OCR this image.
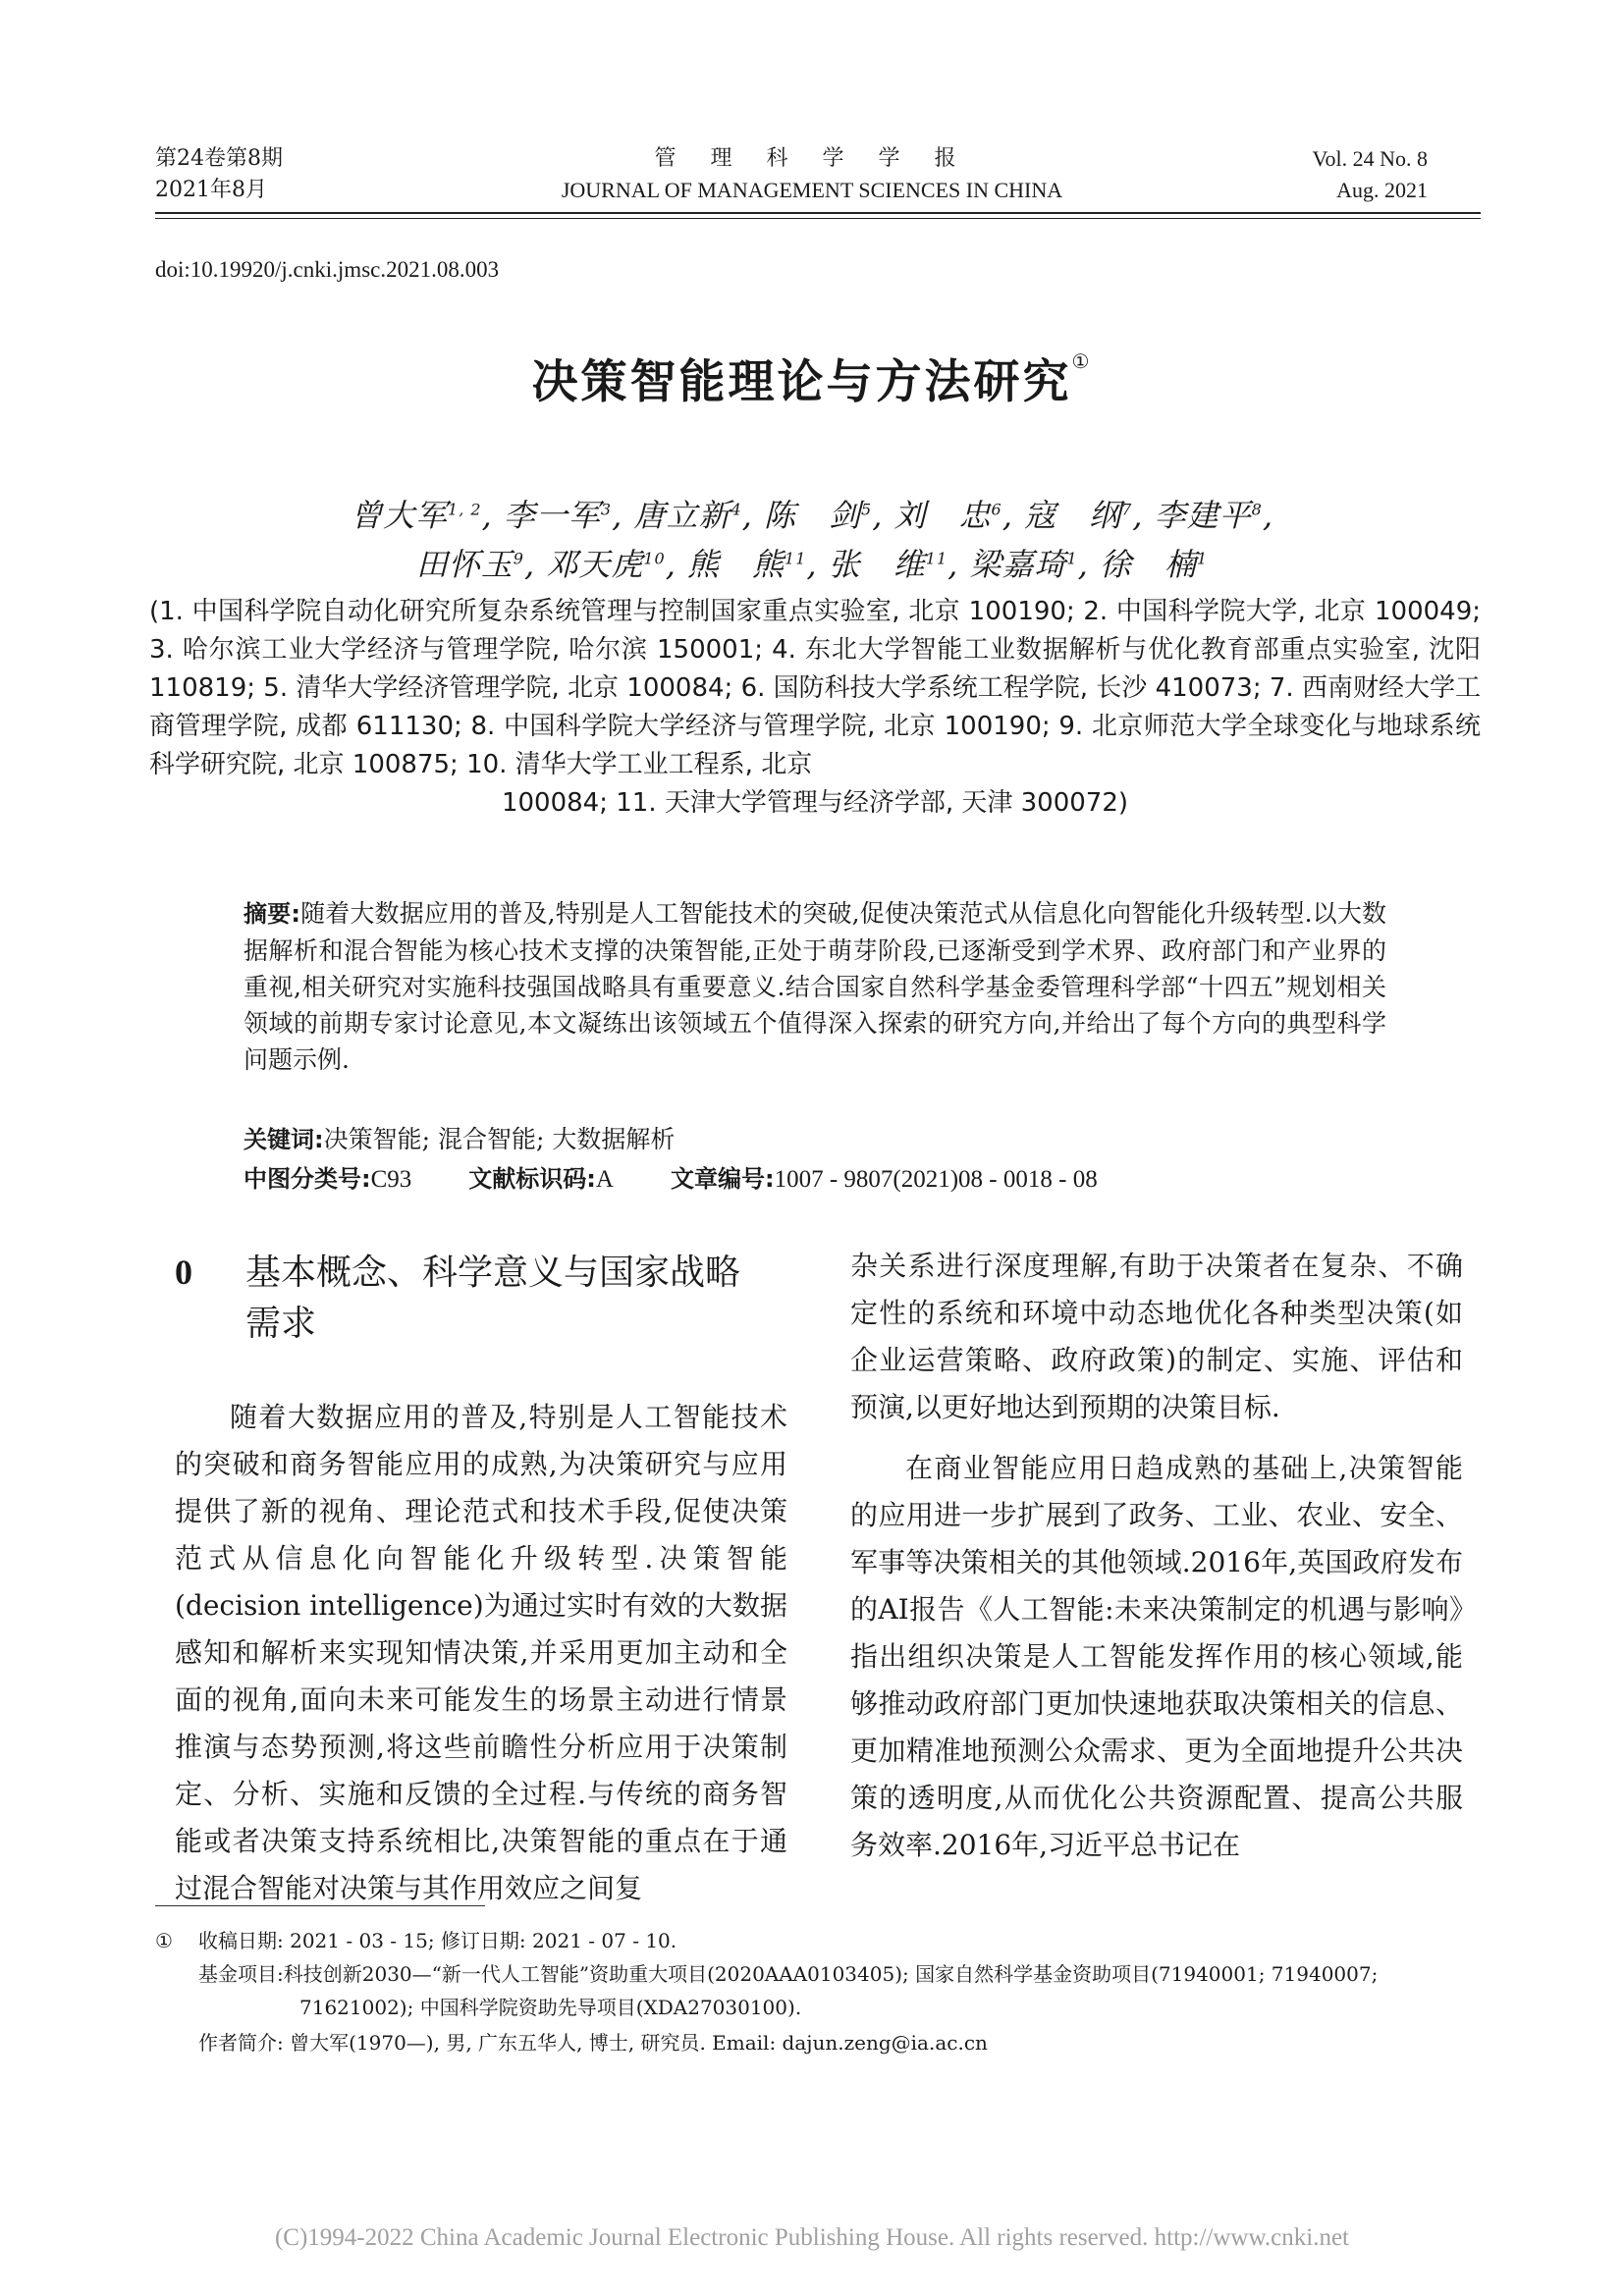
第24卷第8期
2021年8月
管 理 科 学 学 报
JOURNAL OF MANAGEMENT SCIENCES IN CHINA
Vol. 24 No. 8
Aug. 2021
doi:10.19920/j.cnki.jmsc.2021.08.003
决策智能理论与方法研究①
曾大军$^{1, 2}$, 李一军$^3$, 唐立新$^4$, 陈　剑$^5$, 刘　忠$^6$, 寇　纲$^7$, 李建平$^8$,
田怀玉$^9$, 邓天虎$^{10}$, 熊　熊$^{11}$, 张　维$^{11}$, 梁嘉琦$^1$, 徐　楠$^1$
(1. 中国科学院自动化研究所复杂系统管理与控制国家重点实验室, 北京 100190; 2. 中国科学院大学, 北京 100049; 3. 哈尔滨工业大学经济与管理学院, 哈尔滨 150001; 4. 东北大学智能工业数据解析与优化教育部重点实验室, 沈阳 110819; 5. 清华大学经济管理学院, 北京 100084; 6. 国防科技大学系统工程学院, 长沙 410073; 7. 西南财经大学工商管理学院, 成都 611130; 8. 中国科学院大学经济与管理学院, 北京 100190; 9. 北京师范大学全球变化与地球系统科学研究院, 北京 100875; 10. 清华大学工业工程系, 北京
100084; 11. 天津大学管理与经济学部, 天津 300072)
摘要:随着大数据应用的普及,特别是人工智能技术的突破,促使决策范式从信息化向智能化升级转型.以大数据解析和混合智能为核心技术支撑的决策智能,正处于萌芽阶段,已逐渐受到学术界、政府部门和产业界的重视,相关研究对实施科技强国战略具有重要意义.结合国家自然科学基金委管理科学部“十四五”规划相关领域的前期专家讨论意见,本文凝练出该领域五个值得深入探索的研究方向,并给出了每个方向的典型科学问题示例.
关键词:决策智能; 混合智能; 大数据解析
中图分类号:C93 文献标识码:A 文章编号:1007 - 9807(2021)08 - 0018 - 08
0 基本概念、科学意义与国家战略
需求

随着大数据应用的普及,特别是人工智能技术的突破和商务智能应用的成熟,为决策研究与应用提供了新的视角、理论范式和技术手段,促使决策范式从信息化向智能化升级转型.决策智能(decision intelligence)为通过实时有效的大数据感知和解析来实现知情决策,并采用更加主动和全面的视角,面向未来可能发生的场景主动进行情景推演与态势预测,将这些前瞻性分析应用于决策制定、分析、实施和反馈的全过程.与传统的商务智能或者决策支持系统相比,决策智能的重点在于通过混合智能对决策与其作用效应之间复

杂关系进行深度理解,有助于决策者在复杂、不确定性的系统和环境中动态地优化各种类型决策(如企业运营策略、政府政策)的制定、实施、评估和预演,以更好地达到预期的决策目标.

在商业智能应用日趋成熟的基础上,决策智能的应用进一步扩展到了政务、工业、农业、安全、军事等决策相关的其他领域.2016年,英国政府发布的AI报告《人工智能:未来决策制定的机遇与影响》指出组织决策是人工智能发挥作用的核心领域,能够推动政府部门更加快速地获取决策相关的信息、更加精准地预测公众需求、更为全面地提升公共决策的透明度,从而优化公共资源配置、提高公共服务效率.2016年,习近平总书记在

① 收稿日期: 2021 - 03 - 15; 修订日期: 2021 - 07 - 10.
基金项目:科技创新2030—“新一代人工智能”资助重大项目(2020AAA0103405); 国家自然科学基金资助项目(71940001; 71940007;
71621002); 中国科学院资助先导项目(XDA27030100).
作者简介: 曾大军(1970—), 男, 广东五华人, 博士, 研究员. Email: dajun.zeng@ia.ac.cn
(C)1994-2022 China Academic Journal Electronic Publishing House. All rights reserved. http://www.cnki.net
